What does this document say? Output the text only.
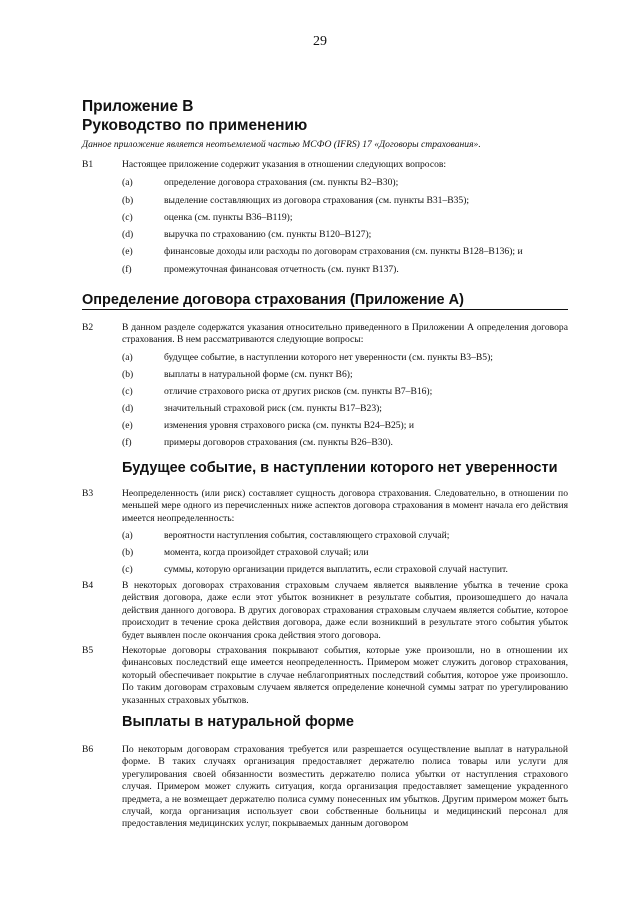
29
Приложение В
Руководство по применению
Данное приложение является неотъемлемой частью МСФО (IFRS) 17 «Договоры страхования».
В1	Настоящее приложение содержит указания в отношении следующих вопросов:
(a)	определение договора страхования (см. пункты В2–В30);
(b)	выделение составляющих из договора страхования (см. пункты В31–В35);
(c)	оценка (см. пункты В36–В119);
(d)	выручка по страхованию (см. пункты В120–В127);
(e)	финансовые доходы или расходы по договорам страхования (см. пункты В128–В136); и
(f)	промежуточная финансовая отчетность (см. пункт В137).
Определение договора страхования (Приложение А)
В2	В данном разделе содержатся указания относительно приведенного в Приложении А определения договора страхования. В нем рассматриваются следующие вопросы:
(a)	будущее событие, в наступлении которого нет уверенности (см. пункты В3–В5);
(b)	выплаты в натуральной форме (см. пункт В6);
(c)	отличие страхового риска от других рисков (см. пункты В7–В16);
(d)	значительный страховой риск (см. пункты В17–В23);
(e)	изменения уровня страхового риска (см. пункты В24–В25); и
(f)	примеры договоров страхования (см. пункты В26–В30).
Будущее событие, в наступлении которого нет уверенности
В3	Неопределенность (или риск) составляет сущность договора страхования. Следовательно, в отношении по меньшей мере одного из перечисленных ниже аспектов договора страхования в момент начала его действия имеется неопределенность:
(a)	вероятности наступления события, составляющего страховой случай;
(b)	момента, когда произойдет страховой случай; или
(c)	суммы, которую организации придется выплатить, если страховой случай наступит.
В4	В некоторых договорах страхования страховым случаем является выявление убытка в течение срока действия договора, даже если этот убыток возникнет в результате события, произошедшего до начала действия данного договора. В других договорах страхования страховым случаем является событие, которое происходит в течение срока действия договора, даже если возникший в результате этого события убыток будет выявлен после окончания срока действия этого договора.
В5	Некоторые договоры страхования покрывают события, которые уже произошли, но в отношении их финансовых последствий еще имеется неопределенность. Примером может служить договор страхования, который обеспечивает покрытие в случае неблагоприятных последствий события, которое уже произошло. По таким договорам страховым случаем является определение конечной суммы затрат по урегулированию указанных страховых убытков.
Выплаты в натуральной форме
В6	По некоторым договорам страхования требуется или разрешается осуществление выплат в натуральной форме. В таких случаях организация предоставляет держателю полиса товары или услуги для урегулирования своей обязанности возместить держателю полиса убытки от наступления страхового случая. Примером может служить ситуация, когда организация предоставляет замещение украденного предмета, а не возмещает держателю полиса сумму понесенных им убытков. Другим примером может быть случай, когда организация использует свои собственные больницы и медицинский персонал для предоставления медицинских услуг, покрываемых данным договором
